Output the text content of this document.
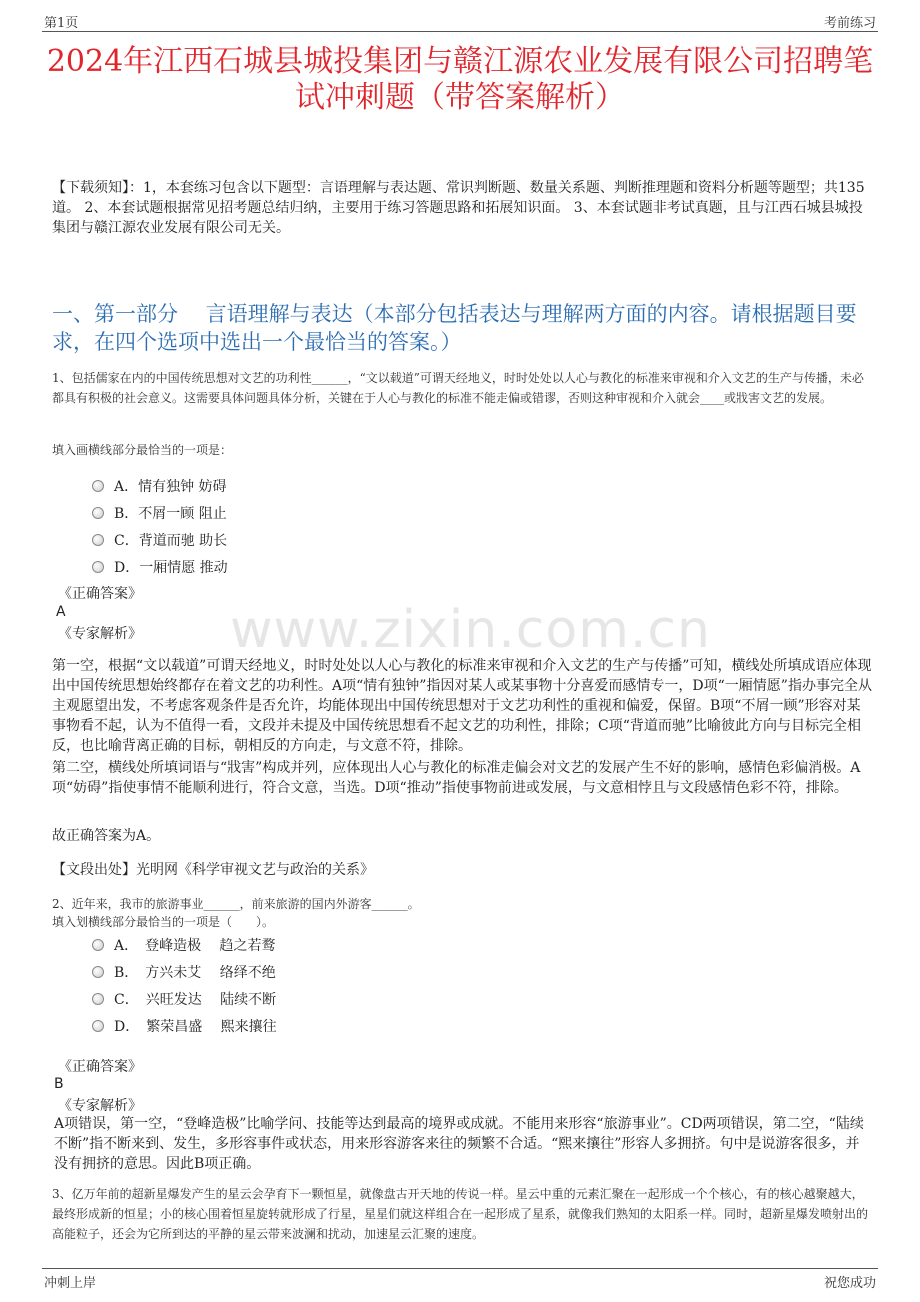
第1页	考前练习
2024年江西石城县城投集团与赣江源农业发展有限公司招聘笔试冲刺题（带答案解析）
【下载须知】：1，本套练习包含以下题型：言语理解与表达题、常识判断题、数量关系题、判断推理题和资料分析题等题型；共135道。 2、本套试题根据常见招考题总结归纳，主要用于练习答题思路和拓展知识面。 3、本套试题非考试真题，且与江西石城县城投集团与赣江源农业发展有限公司无关。
一、第一部分　 言语理解与表达（本部分包括表达与理解两方面的内容。请根据题目要求，在四个选项中选出一个最恰当的答案。）
www.zixin.com.cn
1、包括儒家在内的中国传统思想对文艺的功利性______，“文以载道”可谓天经地义，时时处处以人心与教化的标准来审视和介入文艺的生产与传播，未必都具有积极的社会意义。这需要具体问题具体分析，关键在于人心与教化的标准不能走偏或错谬，否则这种审视和介入就会____或戕害文艺的发展。
填入画横线部分最恰当的一项是：
A．情有独钟 妨碍
B．不屑一顾 阻止
C．背道而驰 助长
D．一厢情愿 推动
《正确答案》
A
《专家解析》
第一空，根据“文以载道”可谓天经地义，时时处处以人心与教化的标准来审视和介入文艺的生产与传播”可知，横线处所填成语应体现出中国传统思想始终都存在着文艺的功利性。A项“情有独钟”指因对某人或某事物十分喜爱而感情专一，D项“一厢情愿”指办事完全从主观愿望出发，不考虑客观条件是否允许，均能体现出中国传统思想对于文艺功利性的重视和偏爱，保留。B项“不屑一顾”形容对某事物看不起，认为不值得一看，文段并未提及中国传统思想看不起文艺的功利性，排除；C项“背道而驰”比喻彼此方向与目标完全相反，也比喻背离正确的目标，朝相反的方向走，与文意不符，排除。
第二空，横线处所填词语与“戕害”构成并列，应体现出人心与教化的标准走偏会对文艺的发展产生不好的影响，感情色彩偏消极。A项“妨碍”指使事情不能顺利进行，符合文意，当选。D项“推动”指使事物前进或发展，与文意相悖且与文段感情色彩不符，排除。
故正确答案为A。
【文段出处】光明网《科学审视文艺与政治的关系》
2、近年来，我市的旅游事业______，前来旅游的国内外游客______。
填入划横线部分最恰当的一项是（　　）。
A．　登峰造极　 趋之若鹜
B．　方兴未艾　 络绎不绝
C．　兴旺发达　 陆续不断
D．　繁荣昌盛　 熙来攘往
《正确答案》
B
《专家解析》
A项错误，第一空，“登峰造极”比喻学问、技能等达到最高的境界或成就。不能用来形容“旅游事业”。CD两项错误，第二空，“陆续不断”指不断来到、发生，多形容事件或状态，用来形容游客来往的频繁不合适。“熙来攘往”形容人多拥挤。句中是说游客很多，并没有拥挤的意思。因此B项正确。
3、亿万年前的超新星爆发产生的星云会孕育下一颗恒星，就像盘古开天地的传说一样。星云中重的元素汇聚在一起形成一个个核心，有的核心越聚越大，最终形成新的恒星；小的核心围着恒星旋转就形成了行星，星星们就这样组合在一起形成了星系，就像我们熟知的太阳系一样。同时，超新星爆发喷射出的高能粒子，还会为它所到达的平静的星云带来波澜和扰动，加速星云汇聚的速度。
冲刺上岸	祝您成功
